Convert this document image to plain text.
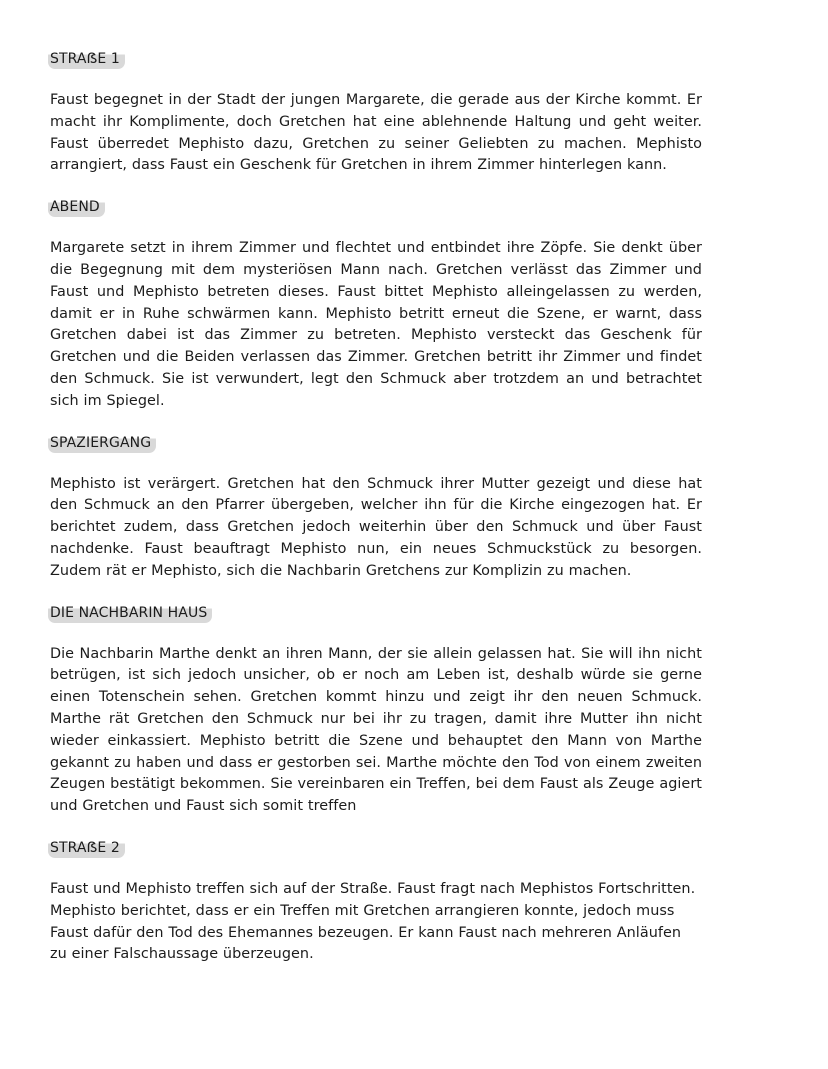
STRAẞE 1

Faust begegnet in der Stadt der jungen Margarete, die gerade aus der Kirche kommt. Er macht ihr Komplimente, doch Gretchen hat eine ablehnende Haltung und geht weiter. Faust überredet Mephisto dazu, Gretchen zu seiner Geliebten zu machen. Mephisto arrangiert, dass Faust ein Geschenk für Gretchen in ihrem Zimmer hinterlegen kann.

ABEND

Margarete setzt in ihrem Zimmer und flechtet und entbindet ihre Zöpfe. Sie denkt über die Begegnung mit dem mysteriösen Mann nach. Gretchen verlässt das Zimmer und Faust und Mephisto betreten dieses. Faust bittet Mephisto alleingelassen zu werden, damit er in Ruhe schwärmen kann. Mephisto betritt erneut die Szene, er warnt, dass Gretchen dabei ist das Zimmer zu betreten. Mephisto versteckt das Geschenk für Gretchen und die Beiden verlassen das Zimmer. Gretchen betritt ihr Zimmer und findet den Schmuck. Sie ist verwundert, legt den Schmuck aber trotzdem an und betrachtet sich im Spiegel.

SPAZIERGANG

Mephisto ist verärgert. Gretchen hat den Schmuck ihrer Mutter gezeigt und diese hat den Schmuck an den Pfarrer übergeben, welcher ihn für die Kirche eingezogen hat. Er berichtet zudem, dass Gretchen jedoch weiterhin über den Schmuck und über Faust nachdenke. Faust beauftragt Mephisto nun, ein neues Schmuckstück zu besorgen. Zudem rät er Mephisto, sich die Nachbarin Gretchens zur Komplizin zu machen.

DIE NACHBARIN HAUS

Die Nachbarin Marthe denkt an ihren Mann, der sie allein gelassen hat. Sie will ihn nicht betrügen, ist sich jedoch unsicher, ob er noch am Leben ist, deshalb würde sie gerne einen Totenschein sehen. Gretchen kommt hinzu und zeigt ihr den neuen Schmuck. Marthe rät Gretchen den Schmuck nur bei ihr zu tragen, damit ihre Mutter ihn nicht wieder einkassiert. Mephisto betritt die Szene und behauptet den Mann von Marthe gekannt zu haben und dass er gestorben sei. Marthe möchte den Tod von einem zweiten Zeugen bestätigt bekommen. Sie vereinbaren ein Treffen, bei dem Faust als Zeuge agiert und Gretchen und Faust sich somit treffen

STRAẞE 2

Faust und Mephisto treffen sich auf der Straße. Faust fragt nach Mephistos Fortschritten. Mephisto berichtet, dass er ein Treffen mit Gretchen arrangieren konnte, jedoch muss Faust dafür den Tod des Ehemannes bezeugen. Er kann Faust nach mehreren Anläufen zu einer Falschaussage überzeugen.
